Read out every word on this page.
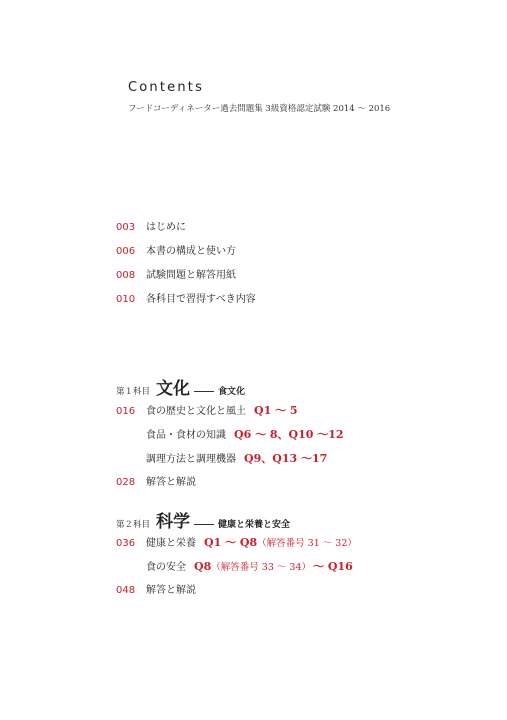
Contents
フードコーディネーター過去問題集 3級資格認定試験 2014 ～ 2016
003 はじめに
006 本書の構成と使い方
008 試験問題と解答用紙
010 各科目で習得すべき内容
第１科目 文化	食文化
016 食の歴史と文化と風土 Q1 ～ 5
食品・食材の知識 Q6 ～ 8、Q10 ～12
調理方法と調理機器 Q9、Q13 ～17
028 解答と解説
第２科目 科学	健康と栄養と安全
036 健康と栄養 Q1 ～ Q8（解答番号 31 ～ 32）
食の安全 Q8（解答番号 33 ～ 34） ～ Q16
048 解答と解説
